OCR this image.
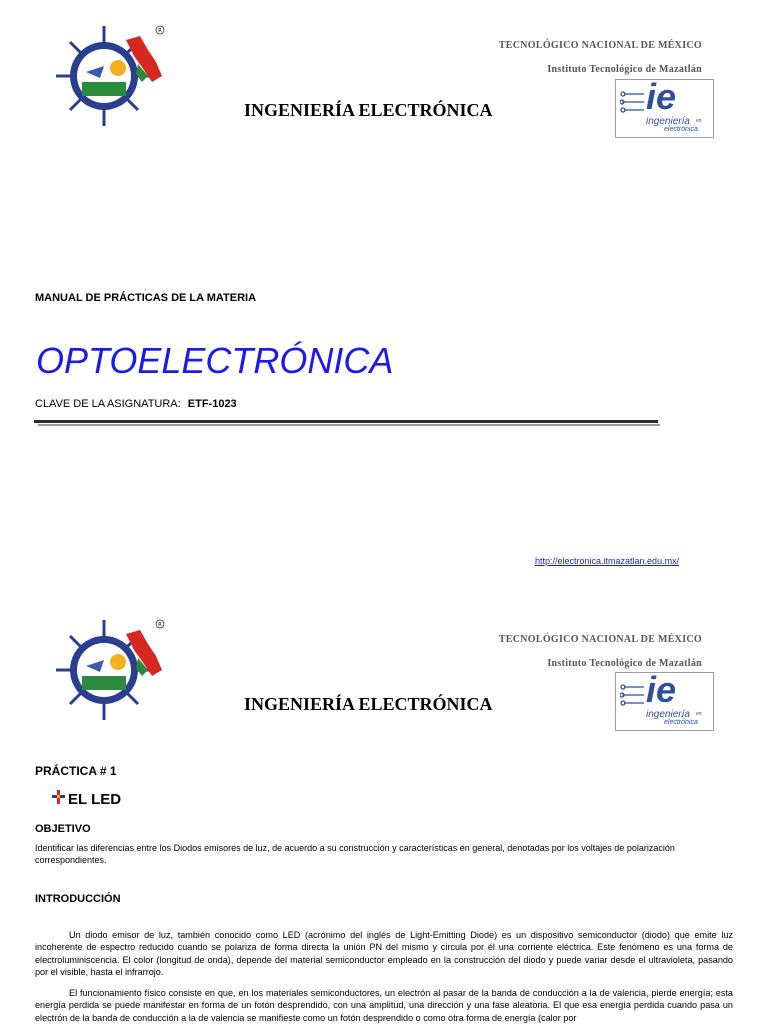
R
TECNOLÓGICO NACIONAL DE MÉXICO
Instituto Tecnológico de Mazatlán
INGENIERÍA ELECTRÓNICA	ie
ingeniería en
electrónica
MANUAL DE PRÁCTICAS DE LA MATERIA
OPTOELECTRÓNICA
CLAVE DE LA ASIGNATURA: ETF-1023
http://electronica.itmazatlan.edu.mx/
R
TECNOLÓGICO NACIONAL DE MÉXICO
Instituto Tecnológico de Mazatlán
INGENIERÍA ELECTRÓNICA	ie
ingeniería en
electrónica
PRÁCTICA # 1
EL LED
OBJETIVO
Identificar las diferencias entre los Diodos emisores de luz, de acuerdo a su construcción y características en general, denotadas por los voltajes de polarización correspondientes.
INTRODUCCIÓN

Un diodo emisor de luz, también conocido como LED (acrónimo del inglés de Light-Emitting Diode) es un dispositivo semiconductor (diodo) que emite luz incoherente de espectro reducido cuando se polariza de forma directa la unión PN del mismo y circula por él una corriente eléctrica. Este fenómeno es una forma de electroluminiscencia. El color (longitud de onda), depende del material semiconductor empleado en la construcción del diodo y puede variar desde el ultravioleta, pasando por el visible, hasta el infrarrojo.

El funcionamiento físico consiste en que, en los materiales semiconductores, un electrón al pasar de la banda de conducción a la de valencia, pierde energía; esta energía perdida se puede manifestar en forma de un fotón desprendido, con una amplitud, una dirección y una fase aleatoria. El que esa energía perdida cuando pasa un electrón de la banda de conducción a la de valencia se manifieste como un fotón desprendido o como otra forma de energía (calor por
